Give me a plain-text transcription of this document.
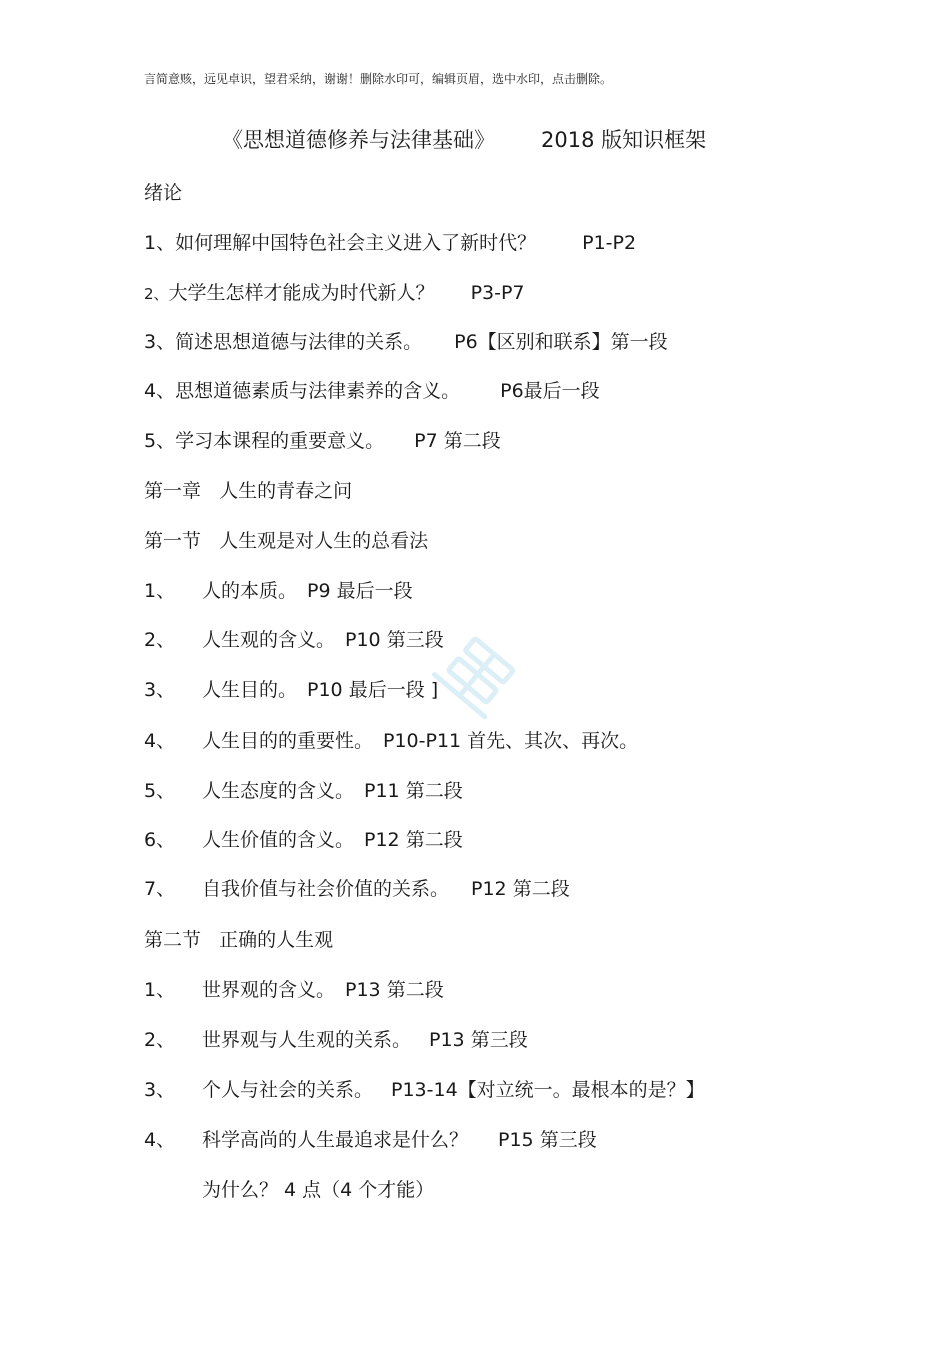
言简意赅，远见卓识，望君采纳，谢谢！删除水印可，编辑页眉，选中水印，点击删除。
《思想道德修养与法律基础》 2018 版知识框架
绪论
1、如何理解中国特色社会主义进入了新时代？ P1-P2
2、大学生怎样才能成为时代新人？ P3-P7
3、简述思想道德与法律的关系。 P6【区别和联系】第一段
4、思想道德素质与法律素养的含义。 P6最后一段
5、学习本课程的重要意义。 P7 第二段
第一章   人生的青春之问
第一节   人生观是对人生的总看法
1、 人的本质。 P9 最后一段
2、 人生观的含义。 P10 第三段
3、 人生目的。 P10 最后一段 ]
4、 人生目的的重要性。 P10-P11 首先、其次、再次。
5、 人生态度的含义。 P11 第二段
6、 人生价值的含义。 P12 第二段
7、 自我价值与社会价值的关系。 P12 第二段
第二节   正确的人生观
1、 世界观的含义。 P13 第二段
2、 世界观与人生观的关系。 P13 第三段
3、 个人与社会的关系。 P13-14【对立统一。最根本的是？】
4、 科学高尚的人生最追求是什么？ P15 第三段
为什么？ 4 点（4 个才能）
